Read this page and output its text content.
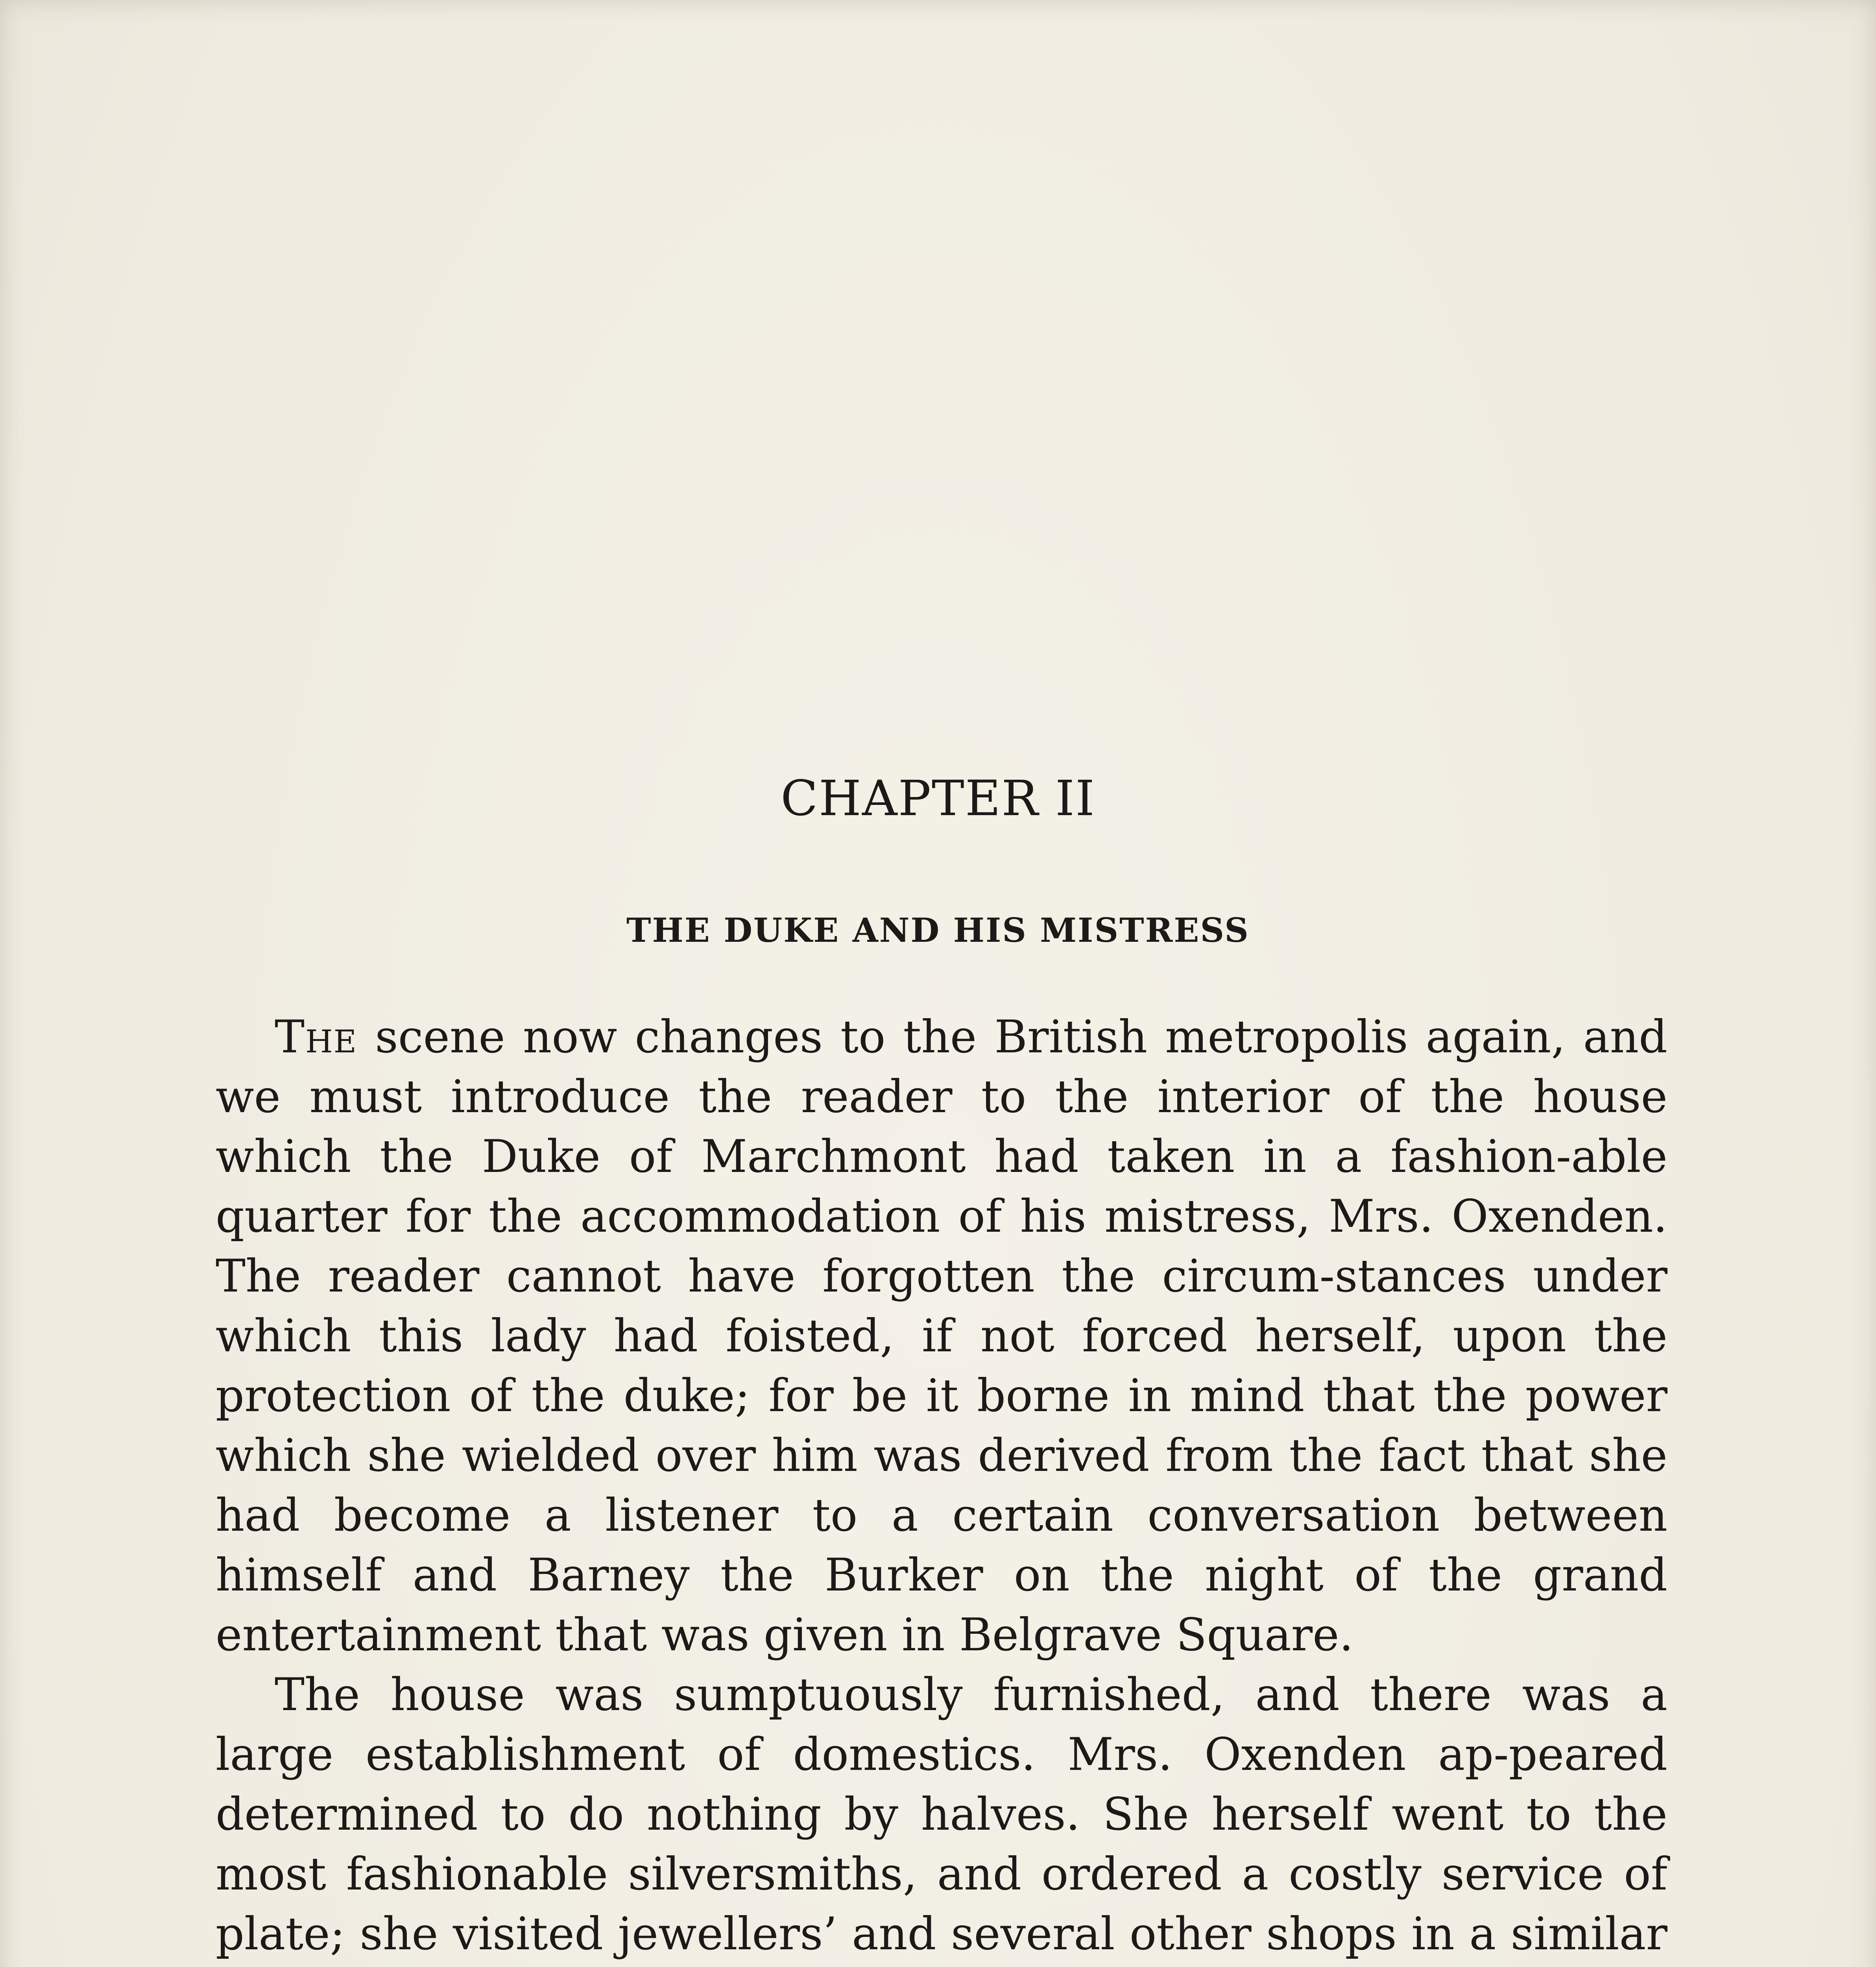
CHAPTER II
THE DUKE AND HIS MISTRESS

The scene now changes to the British metropolis again, and we must introduce the reader to the interior of the house which the Duke of Marchmont had taken in a fashion-able quarter for the accommodation of his mistress, Mrs. Oxenden. The reader cannot have forgotten the circum-stances under which this lady had foisted, if not forced herself, upon the protection of the duke; for be it borne in mind that the power which she wielded over him was derived from the fact that she had become a listener to a certain conversation between himself and Barney the Burker on the night of the grand entertainment that was given in Belgrave Square.

The house was sumptuously furnished, and there was a large establishment of domestics. Mrs. Oxenden ap-peared determined to do nothing by halves. She herself went to the most fashionable silversmiths, and ordered a costly service of plate; she visited jewellers’ and several other shops in a similar
